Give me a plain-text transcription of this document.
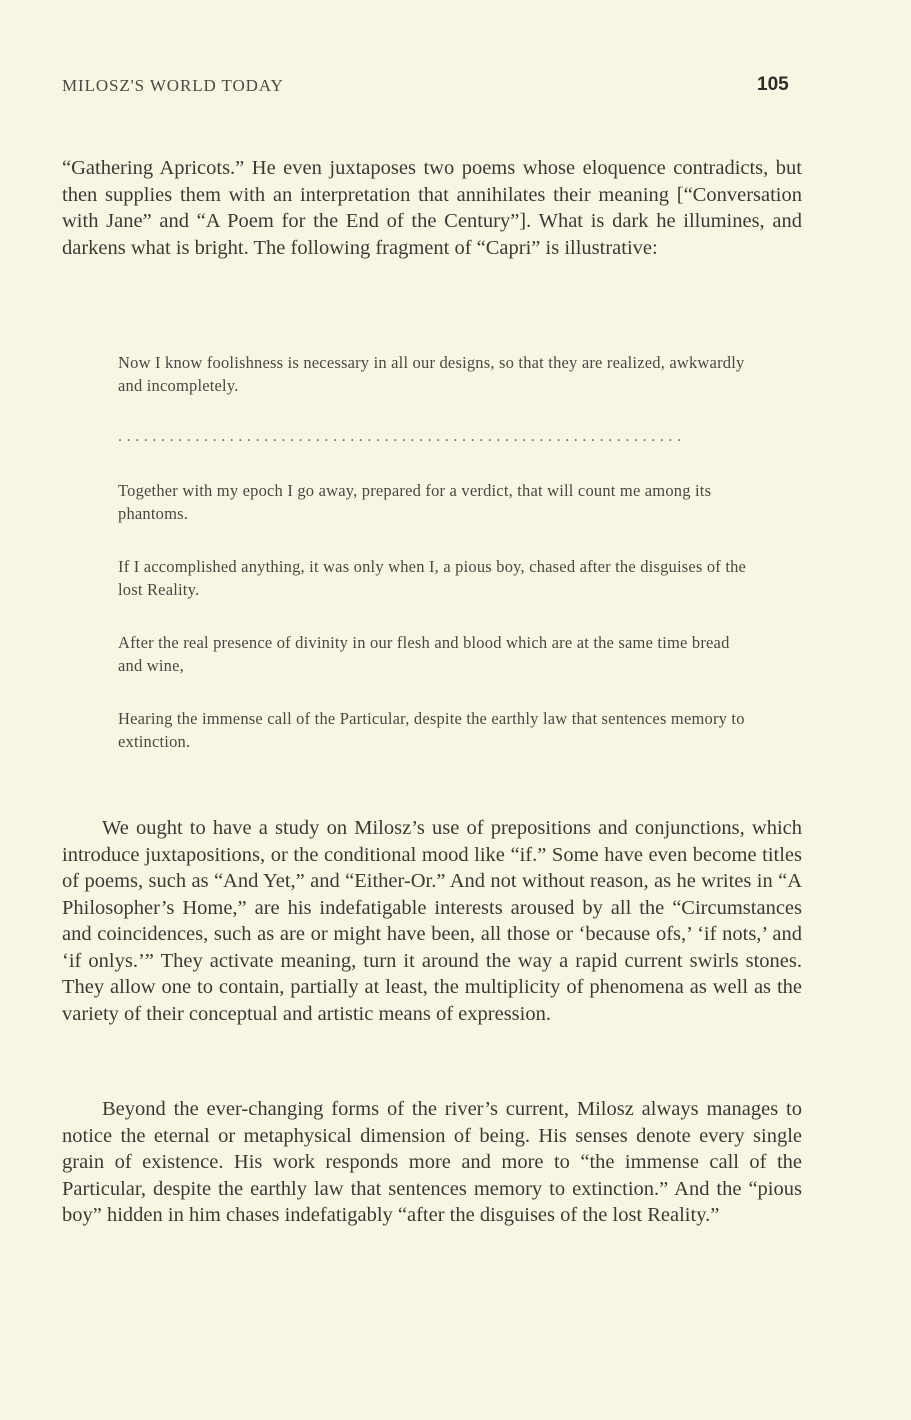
MILOSZ'S WORLD TODAY	105

“Gathering Apricots.” He even juxtaposes two poems whose eloquence contradicts, but then supplies them with an interpretation that annihilates their meaning [“Conversation with Jane” and “A Poem for the End of the Century”]. What is dark he illumines, and darkens what is bright. The following fragment of “Capri” is illustrative:

Now I know foolishness is necessary in all our designs, so that they are realized, awkwardly and incompletely.

..................................................................

Together with my epoch I go away, prepared for a verdict, that will count me among its phantoms.

If I accomplished anything, it was only when I, a pious boy, chased after the disguises of the lost Reality.

After the real presence of divinity in our flesh and blood which are at the same time bread and wine,

Hearing the immense call of the Particular, despite the earthly law that sentences memory to extinction.

We ought to have a study on Milosz’s use of prepositions and conjunctions, which introduce juxtapositions, or the conditional mood like “if.” Some have even become titles of poems, such as “And Yet,” and “Either-Or.” And not without reason, as he writes in “A Philosopher’s Home,” are his indefatigable interests aroused by all the “Circumstances and coincidences, such as are or might have been, all those or ‘because ofs,’ ‘if nots,’ and ‘if onlys.’” They activate meaning, turn it around the way a rapid current swirls stones. They allow one to contain, partially at least, the multiplicity of phenomena as well as the variety of their conceptual and artistic means of expression.

Beyond the ever-changing forms of the river’s current, Milosz always manages to notice the eternal or metaphysical dimension of being. His senses denote every single grain of existence. His work responds more and more to “the immense call of the Particular, despite the earthly law that sentences memory to extinction.” And the “pious boy” hidden in him chases indefatigably “after the disguises of the lost Reality.”
